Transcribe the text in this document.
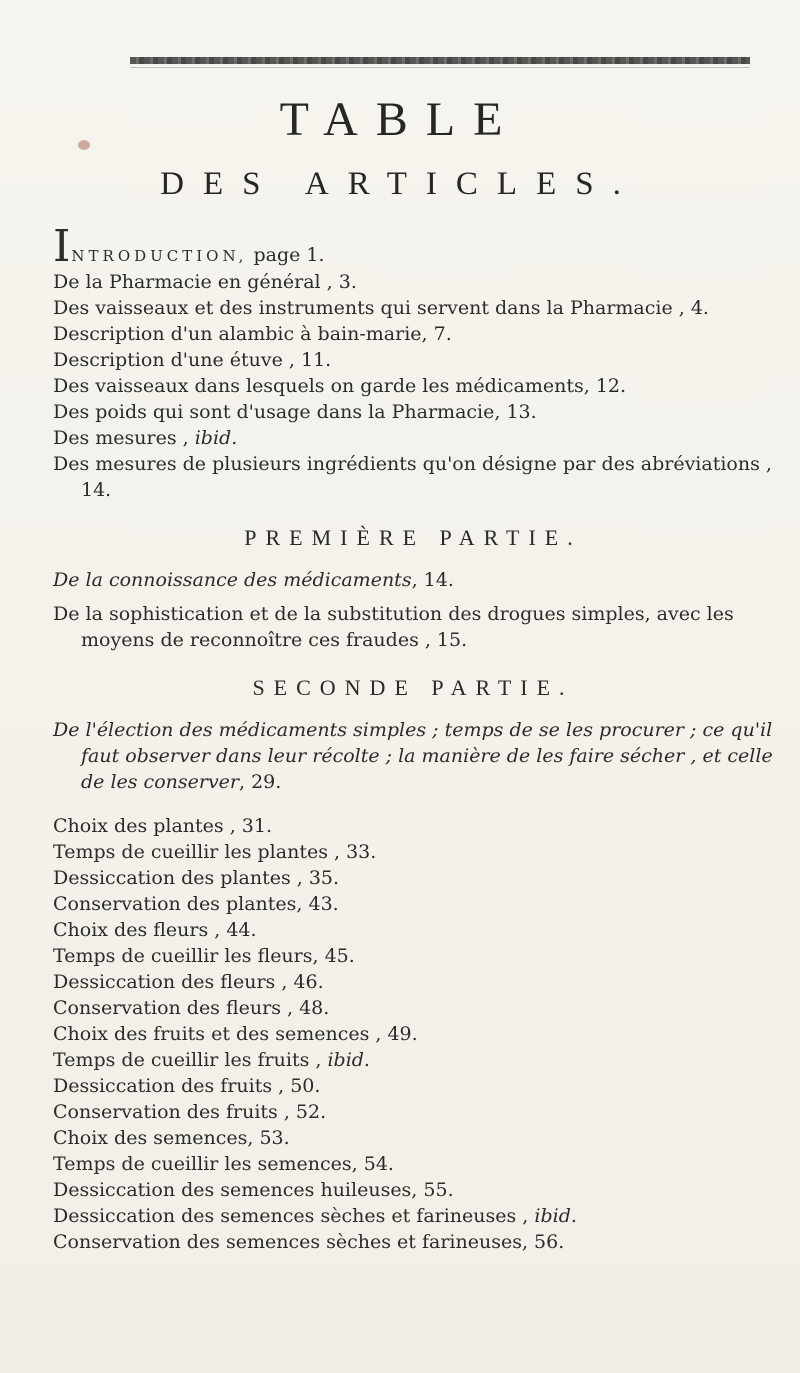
TABLE
DES ARTICLES.

INTRODUCTION, page 1.

De la Pharmacie en général , 3.

Des vaisseaux et des instruments qui servent dans la Pharmacie , 4.

Description d'un alambic à bain-marie, 7.

Description d'une étuve , 11.

Des vaisseaux dans lesquels on garde les médicaments, 12.

Des poids qui sont d'usage dans la Pharmacie, 13.

Des mesures , ibid.

Des mesures de plusieurs ingrédients qu'on désigne par des abréviations , 14.

PREMIÈRE PARTIE.

De la connoissance des médicaments, 14.

De la sophistication et de la substitution des drogues simples, avec les moyens de reconnoître ces fraudes , 15.

SECONDE PARTIE.

De l'élection des médicaments simples ; temps de se les procurer ; ce qu'il faut observer dans leur récolte ; la manière de les faire sécher , et celle de les conserver, 29.

Choix des plantes , 31.

Temps de cueillir les plantes , 33.

Dessiccation des plantes , 35.

Conservation des plantes, 43.

Choix des fleurs , 44.

Temps de cueillir les fleurs, 45.

Dessiccation des fleurs , 46.

Conservation des fleurs , 48.

Choix des fruits et des semences , 49.

Temps de cueillir les fruits , ibid.

Dessiccation des fruits , 50.

Conservation des fruits , 52.

Choix des semences, 53.

Temps de cueillir les semences, 54.

Dessiccation des semences huileuses, 55.

Dessiccation des semences sèches et farineuses , ibid.

Conservation des semences sèches et farineuses, 56.
